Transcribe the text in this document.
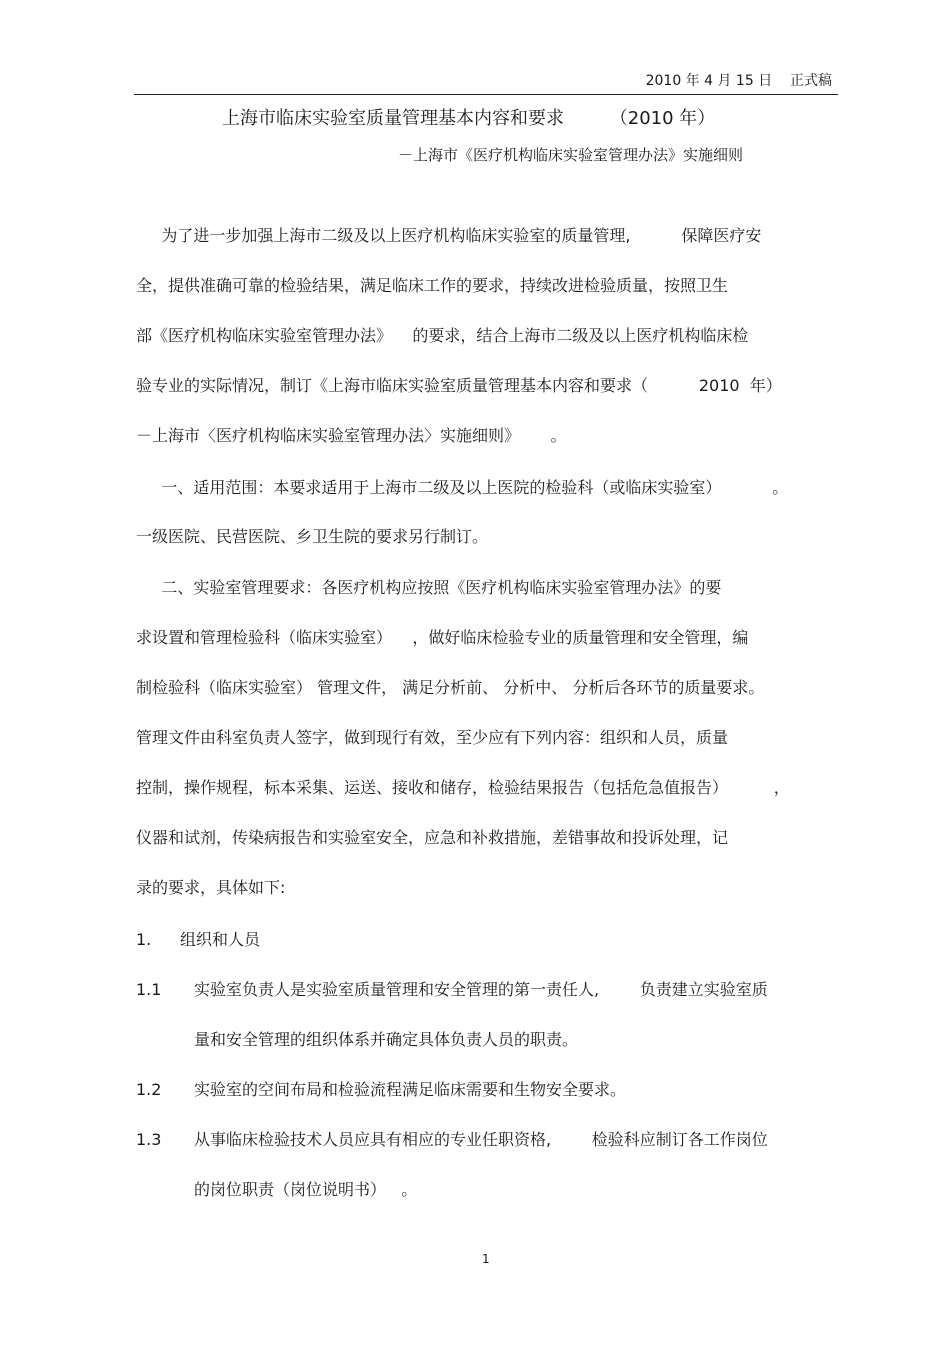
2010 年 4 月 15 日    正式稿
上海市临床实验室质量管理基本内容和要求        （2010 年）
－上海市《医疗机构临床实验室管理办法》实施细则
为了进一步加强上海市二级及以上医疗机构临床实验室的质量管理,          保障医疗安
全，提供准确可靠的检验结果，满足临床工作的要求，持续改进检验质量，按照卫生
部《医疗机构临床实验室管理办法》    的要求，结合上海市二级及以上医疗机构临床检
验专业的实际情况，制订《上海市临床实验室质量管理基本内容和要求（          2010  年）
－上海市〈医疗机构临床实验室管理办法〉实施细则》      。
一、适用范围：本要求适用于上海市二级及以上医院的检验科（或临床实验室）          。
一级医院、民营医院、乡卫生院的要求另行制订。
二、实验室管理要求：各医疗机构应按照《医疗机构临床实验室管理办法》的要
求设置和管理检验科（临床实验室）    ，做好临床检验专业的质量管理和安全管理，编
制检验科（临床实验室） 管理文件， 满足分析前、 分析中、 分析后各环节的质量要求。
管理文件由科室负责人签字，做到现行有效，至少应有下列内容：组织和人员，质量
控制，操作规程，标本采集、运送、接收和储存，检验结果报告（包括危急值报告）         ，
仪器和试剂，传染病报告和实验室安全，应急和补救措施，差错事故和投诉处理，记
录的要求，具体如下:
1. 组织和人员
1.1 实验室负责人是实验室质量管理和安全管理的第一责任人,        负责建立实验室质
量和安全管理的组织体系并确定具体负责人员的职责。
1.2 实验室的空间布局和检验流程满足临床需要和生物安全要求。
1.3 从事临床检验技术人员应具有相应的专业任职资格,        检验科应制订各工作岗位
的岗位职责（岗位说明书）   。
1
